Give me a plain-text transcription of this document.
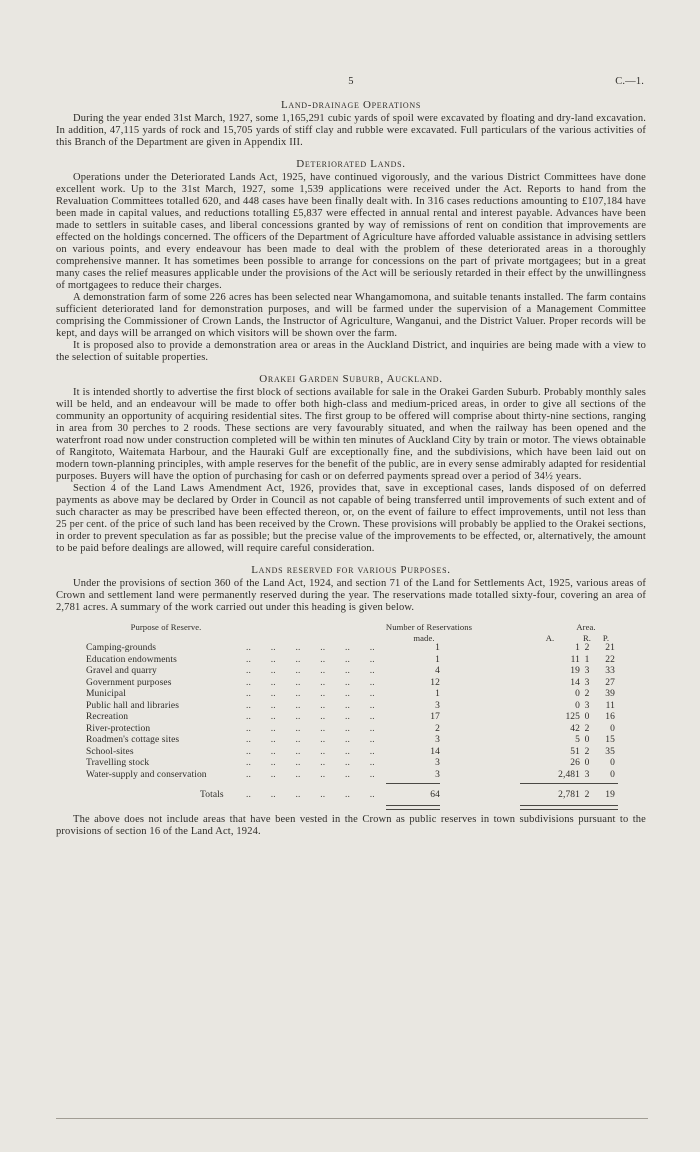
5	C.—1.
Land-drainage Operations

During the year ended 31st March, 1927, some 1,165,291 cubic yards of spoil were excavated by floating and dry-land excavation. In addition, 47,115 yards of rock and 15,705 yards of stiff clay and rubble were excavated. Full particulars of the various activities of this Branch of the Department are given in Appendix III.

Deteriorated Lands.

Operations under the Deteriorated Lands Act, 1925, have continued vigorously, and the various District Committees have done excellent work. Up to the 31st March, 1927, some 1,539 applications were received under the Act. Reports to hand from the Revaluation Committees totalled 620, and 448 cases have been finally dealt with. In 316 cases reductions amounting to £107,184 have been made in capital values, and reductions totalling £5,837 were effected in annual rental and interest payable. Advances have been made to settlers in suitable cases, and liberal concessions granted by way of remissions of rent on condition that improvements are effected on the holdings concerned. The officers of the Department of Agriculture have afforded valuable assistance in advising settlers on various points, and every endeavour has been made to deal with the problem of these deteriorated areas in a thoroughly comprehensive manner. It has sometimes been possible to arrange for concessions on the part of private mortgagees; but in a great many cases the relief measures applicable under the provisions of the Act will be seriously retarded in their effect by the unwillingness of mortgagees to reduce their charges.

A demonstration farm of some 226 acres has been selected near Whangamomona, and suitable tenants installed. The farm contains sufficient deteriorated land for demonstration purposes, and will be farmed under the supervision of a Management Committee comprising the Commissioner of Crown Lands, the Instructor of Agriculture, Wanganui, and the District Valuer. Proper records will be kept, and days will be arranged on which visitors will be shown over the farm.

It is proposed also to provide a demonstration area or areas in the Auckland District, and inquiries are being made with a view to the selection of suitable properties.

Orakei Garden Suburb, Auckland.

It is intended shortly to advertise the first block of sections available for sale in the Orakei Garden Suburb. Probably monthly sales will be held, and an endeavour will be made to offer both high-class and medium-priced areas, in order to give all sections of the community an opportunity of acquiring residential sites. The first group to be offered will comprise about thirty-nine sections, ranging in area from 30 perches to 2 roods. These sections are very favourably situated, and when the railway has been opened and the waterfront road now under construction completed will be within ten minutes of Auckland City by train or motor. The views obtainable of Rangitoto, Waitemata Harbour, and the Hauraki Gulf are exceptionally fine, and the subdivisions, which have been laid out on modern town-planning principles, with ample reserves for the benefit of the public, are in every sense admirably adapted for residential purposes. Buyers will have the option of purchasing for cash or on deferred payments spread over a period of 34½ years.

Section 4 of the Land Laws Amendment Act, 1926, provides that, save in exceptional cases, lands disposed of on deferred payments as above may be declared by Order in Council as not capable of being transferred until improvements of such extent and of such character as may be prescribed have been effected thereon, or, on the event of failure to effect improvements, until not less than 25 per cent. of the price of such land has been received by the Crown. These provisions will probably be applied to the Orakei sections, in order to prevent speculation as far as possible; but the precise value of the improvements to be effected, or, alternatively, the amount to be paid before dealings are allowed, will require careful consideration.

Lands reserved for various Purposes.

Under the provisions of section 360 of the Land Act, 1924, and section 71 of the Land for Settlements Act, 1925, various areas of Crown and settlement land were permanently reserved during the year. The reservations made totalled sixty-four, covering an area of 2,781 acres. A summary of the work carried out under this heading is given below.

Purpose of Reserve.	Number of Reservations	Area.
made.	A.	R.	P.
Camping-grounds ..	1	1 2	21
Education endowments ..	1	11 1	22
Gravel and quarry ..	4	19 3	33
Government purposes ..	12	14 3	27
Municipal ..	1	0 2	39
Public hall and libraries ..	3	0 3	11
Recreation ..	17	125 0	16
River-protection ..	2	42 2	0
Roadmen's cottage sites ..	3	5 0	15
School-sites ..	14	51 2	35
Travelling stock ..	3	26 0	0
Water-supply and conservation ..	3	2,481 3	0
Totals ..	64	2,781 2	19

The above does not include areas that have been vested in the Crown as public reserves in town subdivisions pursuant to the provisions of section 16 of the Land Act, 1924.
